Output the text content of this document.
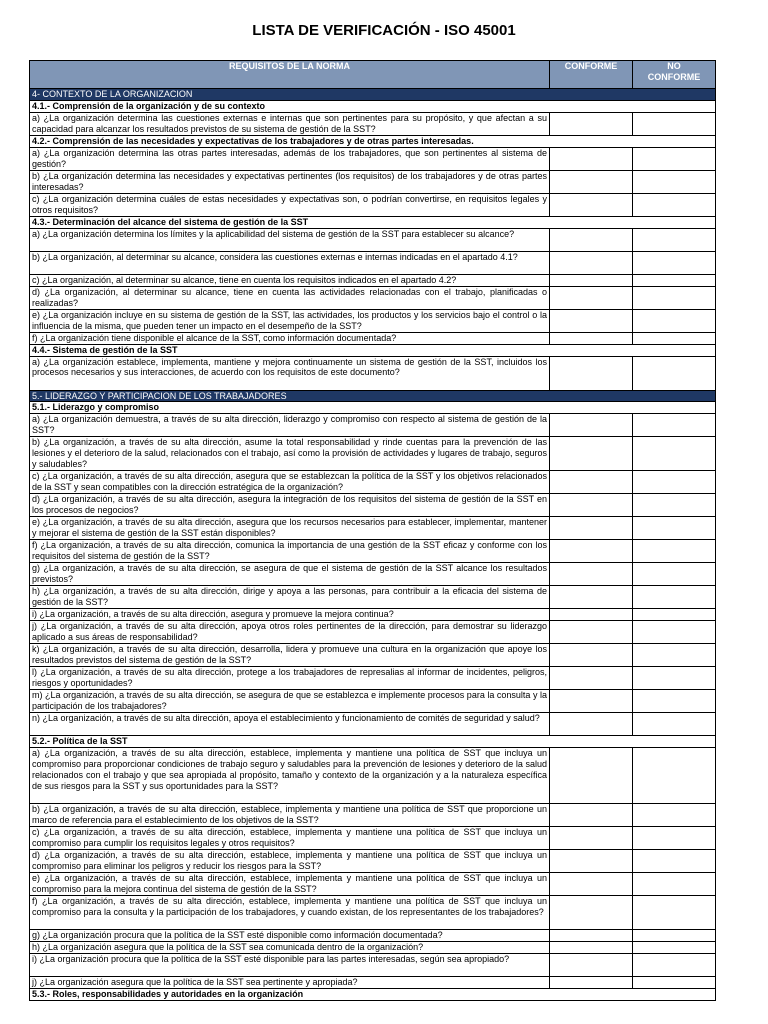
LISTA DE VERIFICACIÓN - ISO 45001
REQUISITOS DE LA NORMA	CONFORME	NO
CONFORME
4- CONTEXTO DE LA ORGANIZACION		
4.1.- Comprensión de la organización y de su contexto		
a) ¿La organización determina las cuestiones externas e internas que son pertinentes para su propósito, y que afectan a su capacidad para alcanzar los resultados previstos de su sistema de gestión de la SST?		
4.2.- Comprensión de las necesidades y expectativas de los trabajadores y de otras partes interesadas.		
a) ¿La organización determina las otras partes interesadas, además de los trabajadores, que son pertinentes al sistema de gestión?		
b) ¿La organización determina las necesidades y expectativas pertinentes (los requisitos) de los trabajadores y de otras partes interesadas?		
c) ¿La organización determina cuáles de estas necesidades y expectativas son, o podrían convertirse, en requisitos legales y otros requisitos?		
4.3.- Determinación del alcance del sistema de gestión de la SST		
a) ¿La organización determina los límites y la aplicabilidad del sistema de gestión de la SST para establecer su alcance?		
b) ¿La organización, al determinar su alcance, considera las cuestiones externas e internas indicadas en el apartado 4.1?		
c) ¿La organización, al determinar su alcance, tiene en cuenta los requisitos indicados en el apartado 4.2?		
d) ¿La organización, al determinar su alcance, tiene en cuenta las actividades relacionadas con el trabajo, planificadas o realizadas?		
e) ¿La organización incluye en su sistema de gestión de la SST, las actividades, los productos y los servicios bajo el control o la influencia de la misma, que pueden tener un impacto en el desempeño de la SST?		
f) ¿La organización tiene disponible el alcance de la SST, como información documentada?		
4.4.- Sistema de gestión de la SST		
a) ¿La organización establece, implementa, mantiene y mejora continuamente un sistema de gestión de la SST, incluidos los procesos necesarios y sus interacciones, de acuerdo con los requisitos de este documento?		
5.- LIDERAZGO Y PARTICIPACION DE LOS TRABAJADORES		
5.1.- Liderazgo y compromiso		
a) ¿La organización demuestra, a través de su alta dirección, liderazgo y compromiso con respecto al sistema de gestión de la SST?		
b) ¿La organización, a través de su alta dirección, asume la total responsabilidad y rinde cuentas para la prevención de las lesiones y el deterioro de la salud, relacionados con el trabajo, así como la provisión de actividades y lugares de trabajo, seguros y saludables?		
c) ¿La organización, a través de su alta dirección, asegura que se establezcan la política de la SST y los objetivos relacionados de la SST y sean compatibles con la dirección estratégica de la organización?		
d) ¿La organización, a través de su alta dirección, asegura la integración de los requisitos del sistema de gestión de la SST en los procesos de negocios?		
e) ¿La organización, a través de su alta dirección, asegura que los recursos necesarios para establecer, implementar, mantener y mejorar el sistema de gestión de la SST están disponibles?		
f) ¿La organización, a través de su alta dirección, comunica la importancia de una gestión de la SST eficaz y conforme con los requisitos del sistema de gestión de la SST?		
g) ¿La organización, a través de su alta dirección, se asegura de que el sistema de gestión de la SST alcance los resultados previstos?		
h) ¿La organización, a través de su alta dirección, dirige y apoya a las personas, para contribuir a la eficacia del sistema de gestión de la SST?		
i) ¿La organización, a través de su alta dirección, asegura y promueve la mejora continua?		
j) ¿La organización, a través de su alta dirección, apoya otros roles pertinentes de la dirección, para demostrar su liderazgo aplicado a sus áreas de responsabilidad?		
k) ¿La organización, a través de su alta dirección, desarrolla, lidera y promueve una cultura en la organización que apoye los resultados previstos del sistema de gestión de la SST?		
l) ¿La organización, a través de su alta dirección, protege a los trabajadores de represalias al informar de incidentes, peligros, riesgos y oportunidades?		
m) ¿La organización, a través de su alta dirección, se asegura de que se establezca e implemente procesos para la consulta y la participación de los trabajadores?		
n) ¿La organización, a través de su alta dirección, apoya el establecimiento y funcionamiento de comités de seguridad y salud?		
5.2.- Política de la SST		
a) ¿La organización, a través de su alta dirección, establece, implementa y mantiene una política de SST que incluya un compromiso para proporcionar condiciones de trabajo seguro y saludables para la prevención de lesiones y deterioro de la salud relacionados con el trabajo y que sea apropiada al propósito, tamaño y contexto de la organización y a la naturaleza específica de sus riesgos para la SST y sus oportunidades para la SST?		
b) ¿La organización, a través de su alta dirección, establece, implementa y mantiene una política de SST que proporcione un marco de referencia para el establecimiento de los objetivos de la SST?		
c) ¿La organización, a través de su alta dirección, establece, implementa y mantiene una política de SST que incluya un compromiso para cumplir los requisitos legales y otros requisitos?		
d) ¿La organización, a través de su alta dirección, establece, implementa y mantiene una política de SST que incluya un compromiso para eliminar los peligros y reducir los riesgos para la SST?		
e) ¿La organización, a través de su alta dirección, establece, implementa y mantiene una política de SST que incluya un compromiso para la mejora continua del sistema de gestión de la SST?		
f) ¿La organización, a través de su alta dirección, establece, implementa y mantiene una política de SST que incluya un compromiso para la consulta y la participación de los trabajadores, y cuando existan, de los representantes de los trabajadores?		
g) ¿La organización procura que la política de la SST esté disponible como información documentada?		
h) ¿La organización asegura que la política de la SST sea comunicada dentro de la organización?		
i) ¿La organización procura que la política de la SST esté disponible para las partes interesadas, según sea apropiado?		
j) ¿La organización asegura que la política de la SST sea pertinente y apropiada?		
5.3.- Roles, responsabilidades y autoridades en la organización		
